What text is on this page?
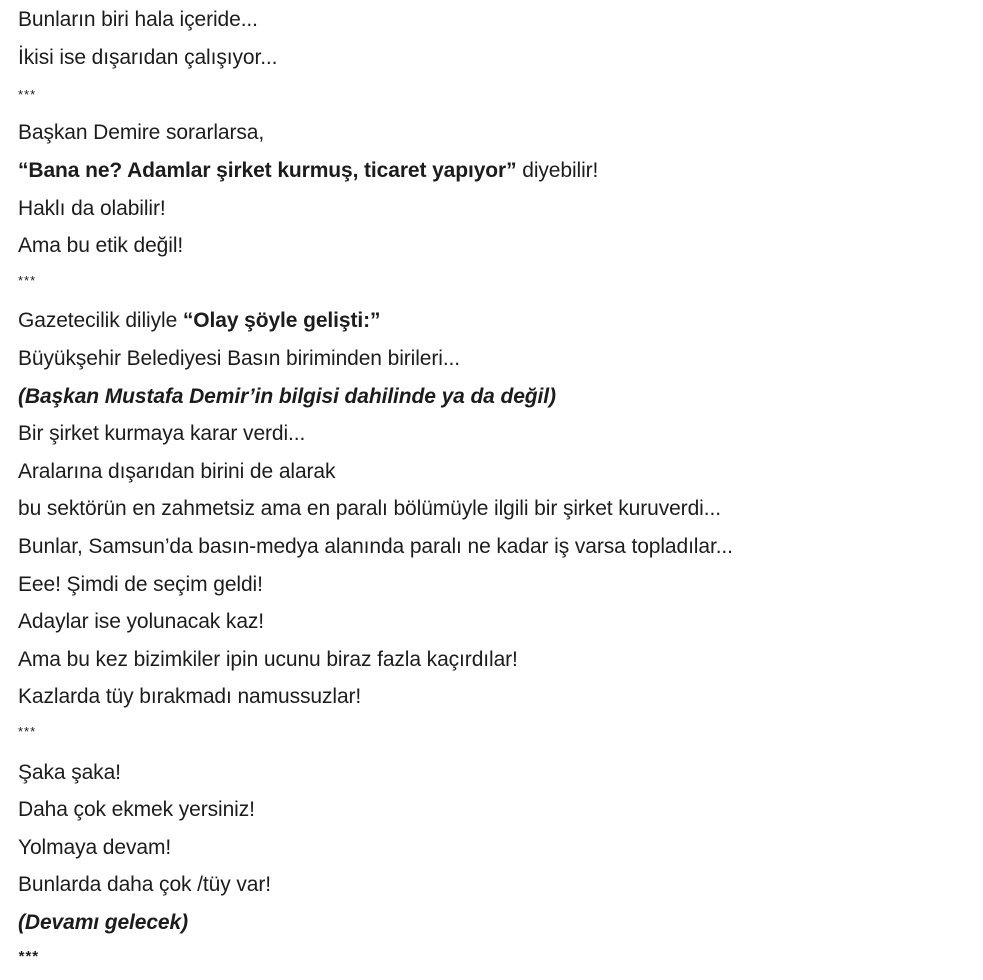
Bunların biri hala içeride...
İkisi ise dışarıdan çalışıyor...
***
Başkan Demire sorarlarsa,
“Bana ne? Adamlar şirket kurmuş, ticaret yapıyor” diyebilir!
Haklı da olabilir!
Ama bu etik değil!
***
Gazetecilik diliyle “Olay şöyle gelişti:”
Büyükşehir Belediyesi Basın biriminden birileri...
(Başkan Mustafa Demir’in bilgisi dahilinde ya da değil)
Bir şirket kurmaya karar verdi...
Aralarına dışarıdan birini de alarak
bu sektörün en zahmetsiz ama en paralı bölümüyle ilgili bir şirket kuruverdi...
Bunlar, Samsun’da basın-medya alanında paralı ne kadar iş varsa topladılar...
Eee! Şimdi de seçim geldi!
Adaylar ise yolunacak kaz!
Ama bu kez bizimkiler ipin ucunu biraz fazla kaçırdılar!
Kazlarda tüy bırakmadı namussuzlar!
***
Şaka şaka!
Daha çok ekmek yersiniz!
Yolmaya devam!
Bunlarda daha çok /tüy var!
(Devamı gelecek)
***
